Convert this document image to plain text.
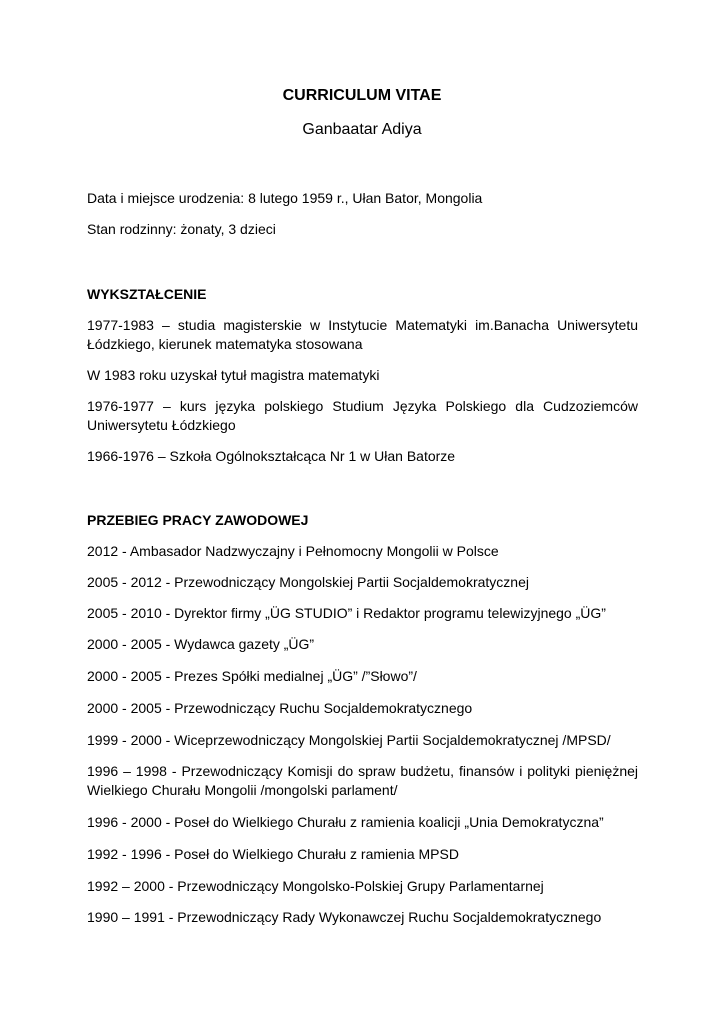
CURRICULUM VITAE
Ganbaatar Adiya
Data i miejsce urodzenia: 8 lutego 1959 r., Ułan Bator, Mongolia
Stan rodzinny: żonaty, 3 dzieci
WYKSZTAŁCENIE
1977-1983 – studia magisterskie w Instytucie Matematyki im.Banacha Uniwersytetu Łódzkiego, kierunek matematyka stosowana
W 1983 roku uzyskał tytuł magistra matematyki
1976-1977 – kurs języka polskiego Studium Języka Polskiego dla Cudzoziemców Uniwersytetu Łódzkiego
1966-1976 – Szkoła Ogólnokształcąca Nr 1 w Ułan Batorze
PRZEBIEG PRACY ZAWODOWEJ
2012 - Ambasador Nadzwyczajny i Pełnomocny Mongolii w Polsce
2005 - 2012 - Przewodniczący Mongolskiej Partii Socjaldemokratycznej
2005 - 2010 - Dyrektor firmy „ÜG STUDIO” i Redaktor programu telewizyjnego „ÜG”
2000 - 2005 - Wydawca gazety „ÜG”
2000 - 2005 - Prezes Spółki medialnej „ÜG” /”Słowo”/
2000 - 2005 - Przewodniczący Ruchu Socjaldemokratycznego
1999 - 2000 - Wiceprzewodniczący Mongolskiej Partii Socjaldemokratycznej /MPSD/
1996 – 1998 - Przewodniczący Komisji do spraw budżetu, finansów i polityki pieniężnej Wielkiego Churału Mongolii /mongolski parlament/
1996 - 2000 - Poseł do Wielkiego Churału z ramienia koalicji „Unia Demokratyczna”
1992 - 1996 - Poseł do Wielkiego Churału z ramienia MPSD
1992 – 2000 - Przewodniczący Mongolsko-Polskiej Grupy Parlamentarnej
1990 – 1991 - Przewodniczący Rady Wykonawczej Ruchu Socjaldemokratycznego
